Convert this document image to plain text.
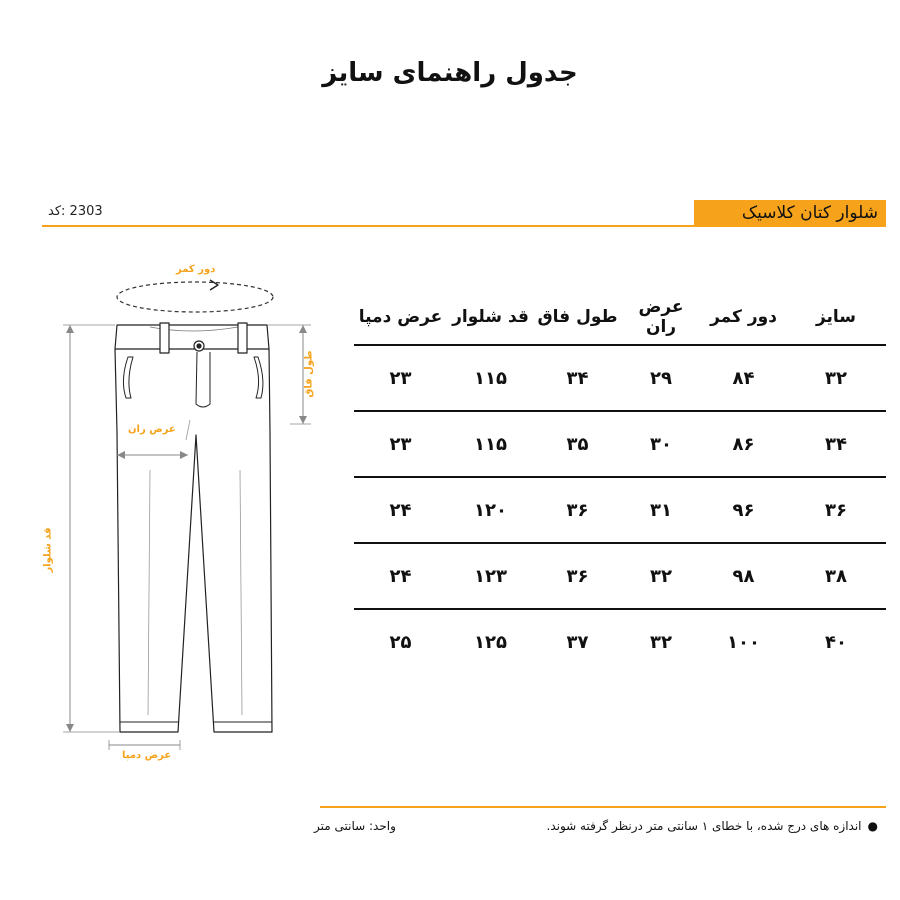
جدول راهنمای سایز
کد: 2303	شلوار کتان کلاسیک
دور کمر
عرض ران
عرض دمپا
طول فاق
قد شلوار
سایز	دور کمر	عرض ران	طول فاق	قد شلوار	عرض دمپا
۳۲	۸۴	۲۹	۳۴	۱۱۵	۲۳
۳۴	۸۶	۳۰	۳۵	۱۱۵	۲۳
۳۶	۹۶	۳۱	۳۶	۱۲۰	۲۴
۳۸	۹۸	۳۲	۳۶	۱۲۳	۲۴
۴۰	۱۰۰	۳۲	۳۷	۱۲۵	۲۵
●اندازه های درج شده، با خطای ۱ سانتی متر درنظر گرفته شوند.
واحد: سانتی متر
